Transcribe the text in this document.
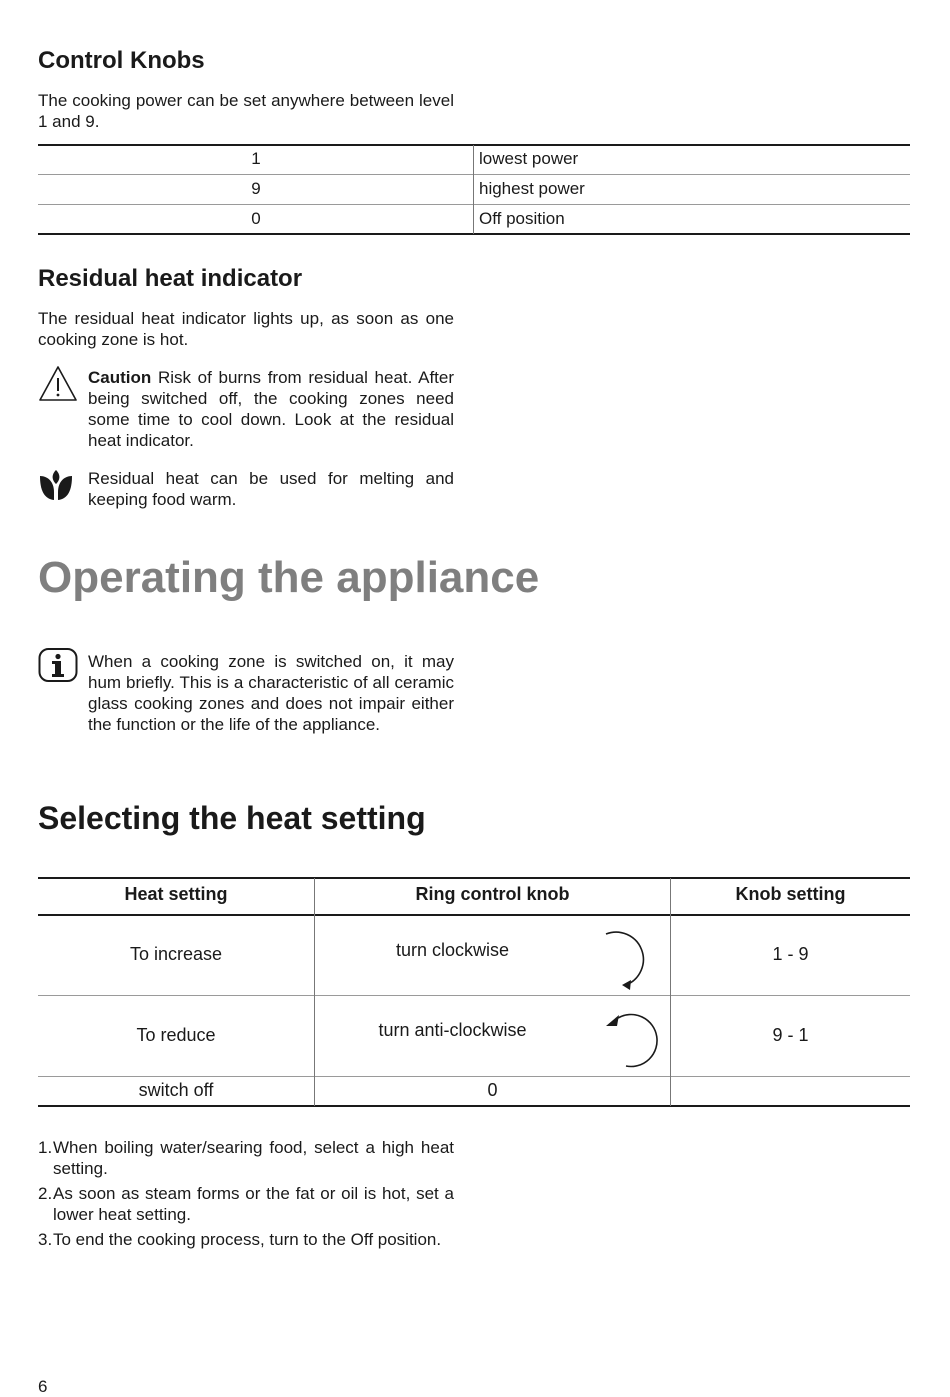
Control Knobs
The cooking power can be set anywhere between level 1 and 9.
1	lowest power
9	highest power
0	Off position
Residual heat indicator
The residual heat indicator lights up, as soon as one cooking zone is hot.
Caution Risk of burns from residual heat. After being switched off, the cooking zones need some time to cool down. Look at the residual heat indicator.
Residual heat can be used for melting and keeping food warm.
Operating the appliance
When a cooking zone is switched on, it may hum briefly. This is a characteristic of all ceramic glass cooking zones and does not impair either the function or the life of the appliance.
Selecting the heat setting
Heat setting	Ring control knob	Knob setting
To increase	turn clockwise	1 - 9
To reduce	turn anti-clockwise	9 - 1
switch off	0
1. When boiling water/searing food, select a high heat setting.
2. As soon as steam forms or the fat or oil is hot, set a lower heat setting.
3. To end the cooking process, turn to the Off position.
6
